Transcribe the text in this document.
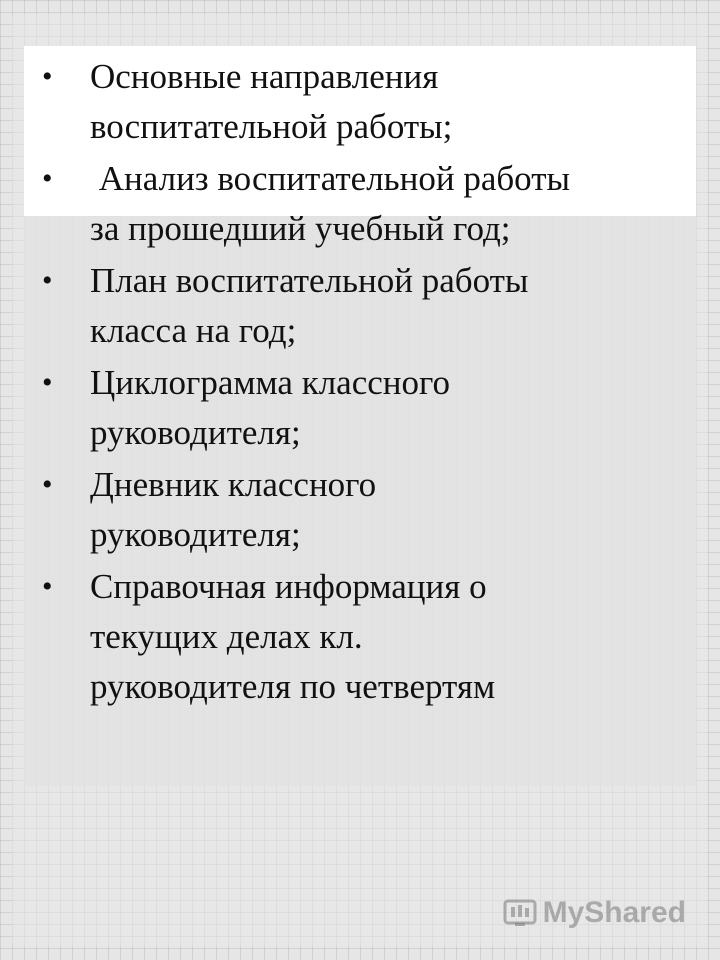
• Основные направления
воспитательной работы;
• Анализ воспитательной работы
за прошедший учебный год;
• План воспитательной работы
класса на год;
• Циклограмма классного
руководителя;
• Дневник классного
руководителя;
• Справочная информация о
текущих делах кл.
руководителя по четвертям
MyShared
